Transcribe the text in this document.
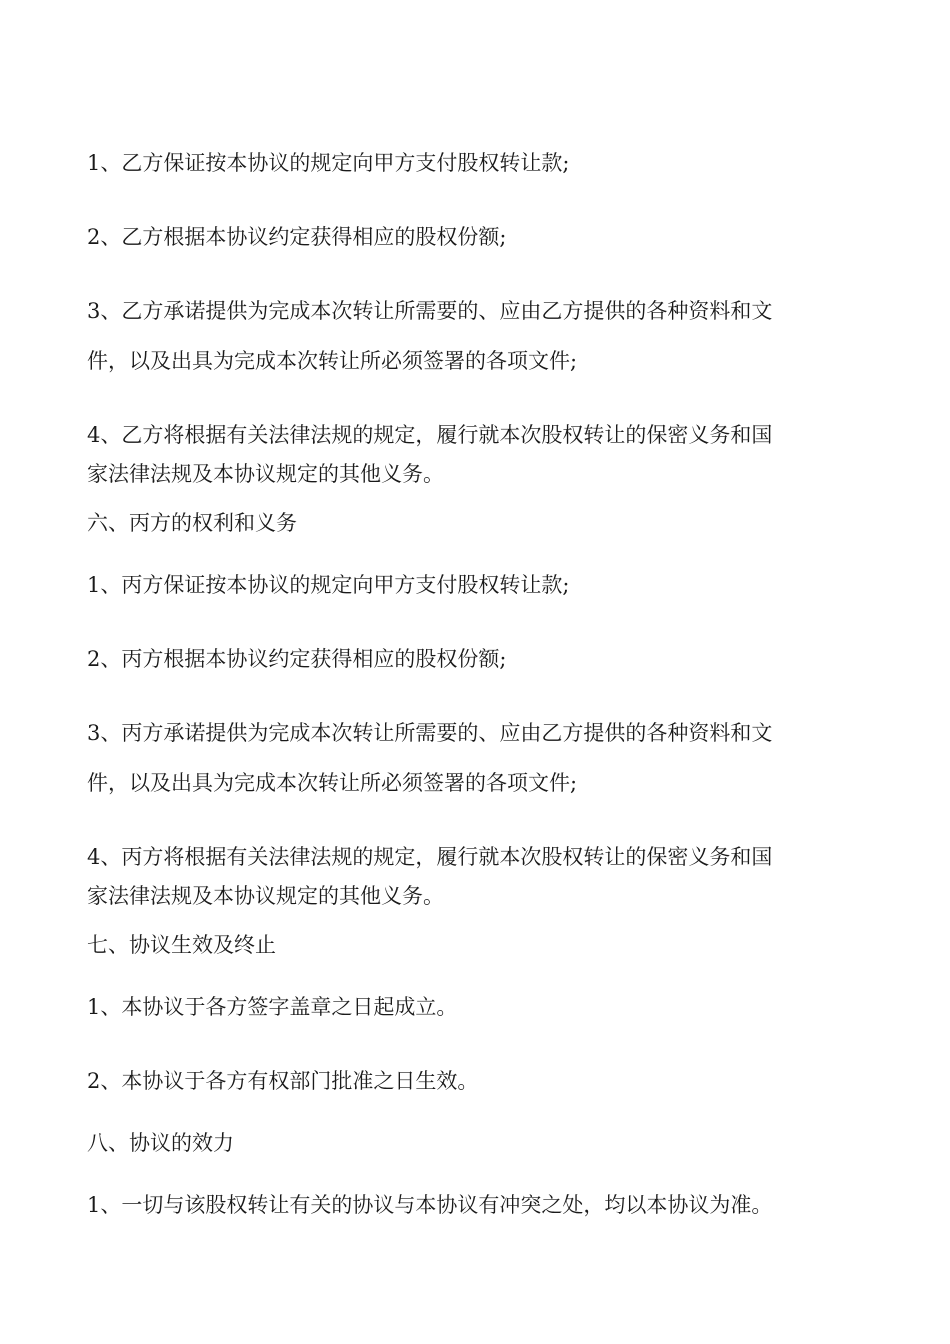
1、乙方保证按本协议的规定向甲方支付股权转让款;
2、乙方根据本协议约定获得相应的股权份额;
3、乙方承诺提供为完成本次转让所需要的、应由乙方提供的各种资料和文
件，以及出具为完成本次转让所必须签署的各项文件;
4、乙方将根据有关法律法规的规定，履行就本次股权转让的保密义务和国
家法律法规及本协议规定的其他义务。
六、丙方的权利和义务
1、丙方保证按本协议的规定向甲方支付股权转让款;
2、丙方根据本协议约定获得相应的股权份额;
3、丙方承诺提供为完成本次转让所需要的、应由乙方提供的各种资料和文
件，以及出具为完成本次转让所必须签署的各项文件;
4、丙方将根据有关法律法规的规定，履行就本次股权转让的保密义务和国
家法律法规及本协议规定的其他义务。
七、协议生效及终止
1、本协议于各方签字盖章之日起成立。
2、本协议于各方有权部门批准之日生效。
八、协议的效力
1、一切与该股权转让有关的协议与本协议有冲突之处，均以本协议为准。
